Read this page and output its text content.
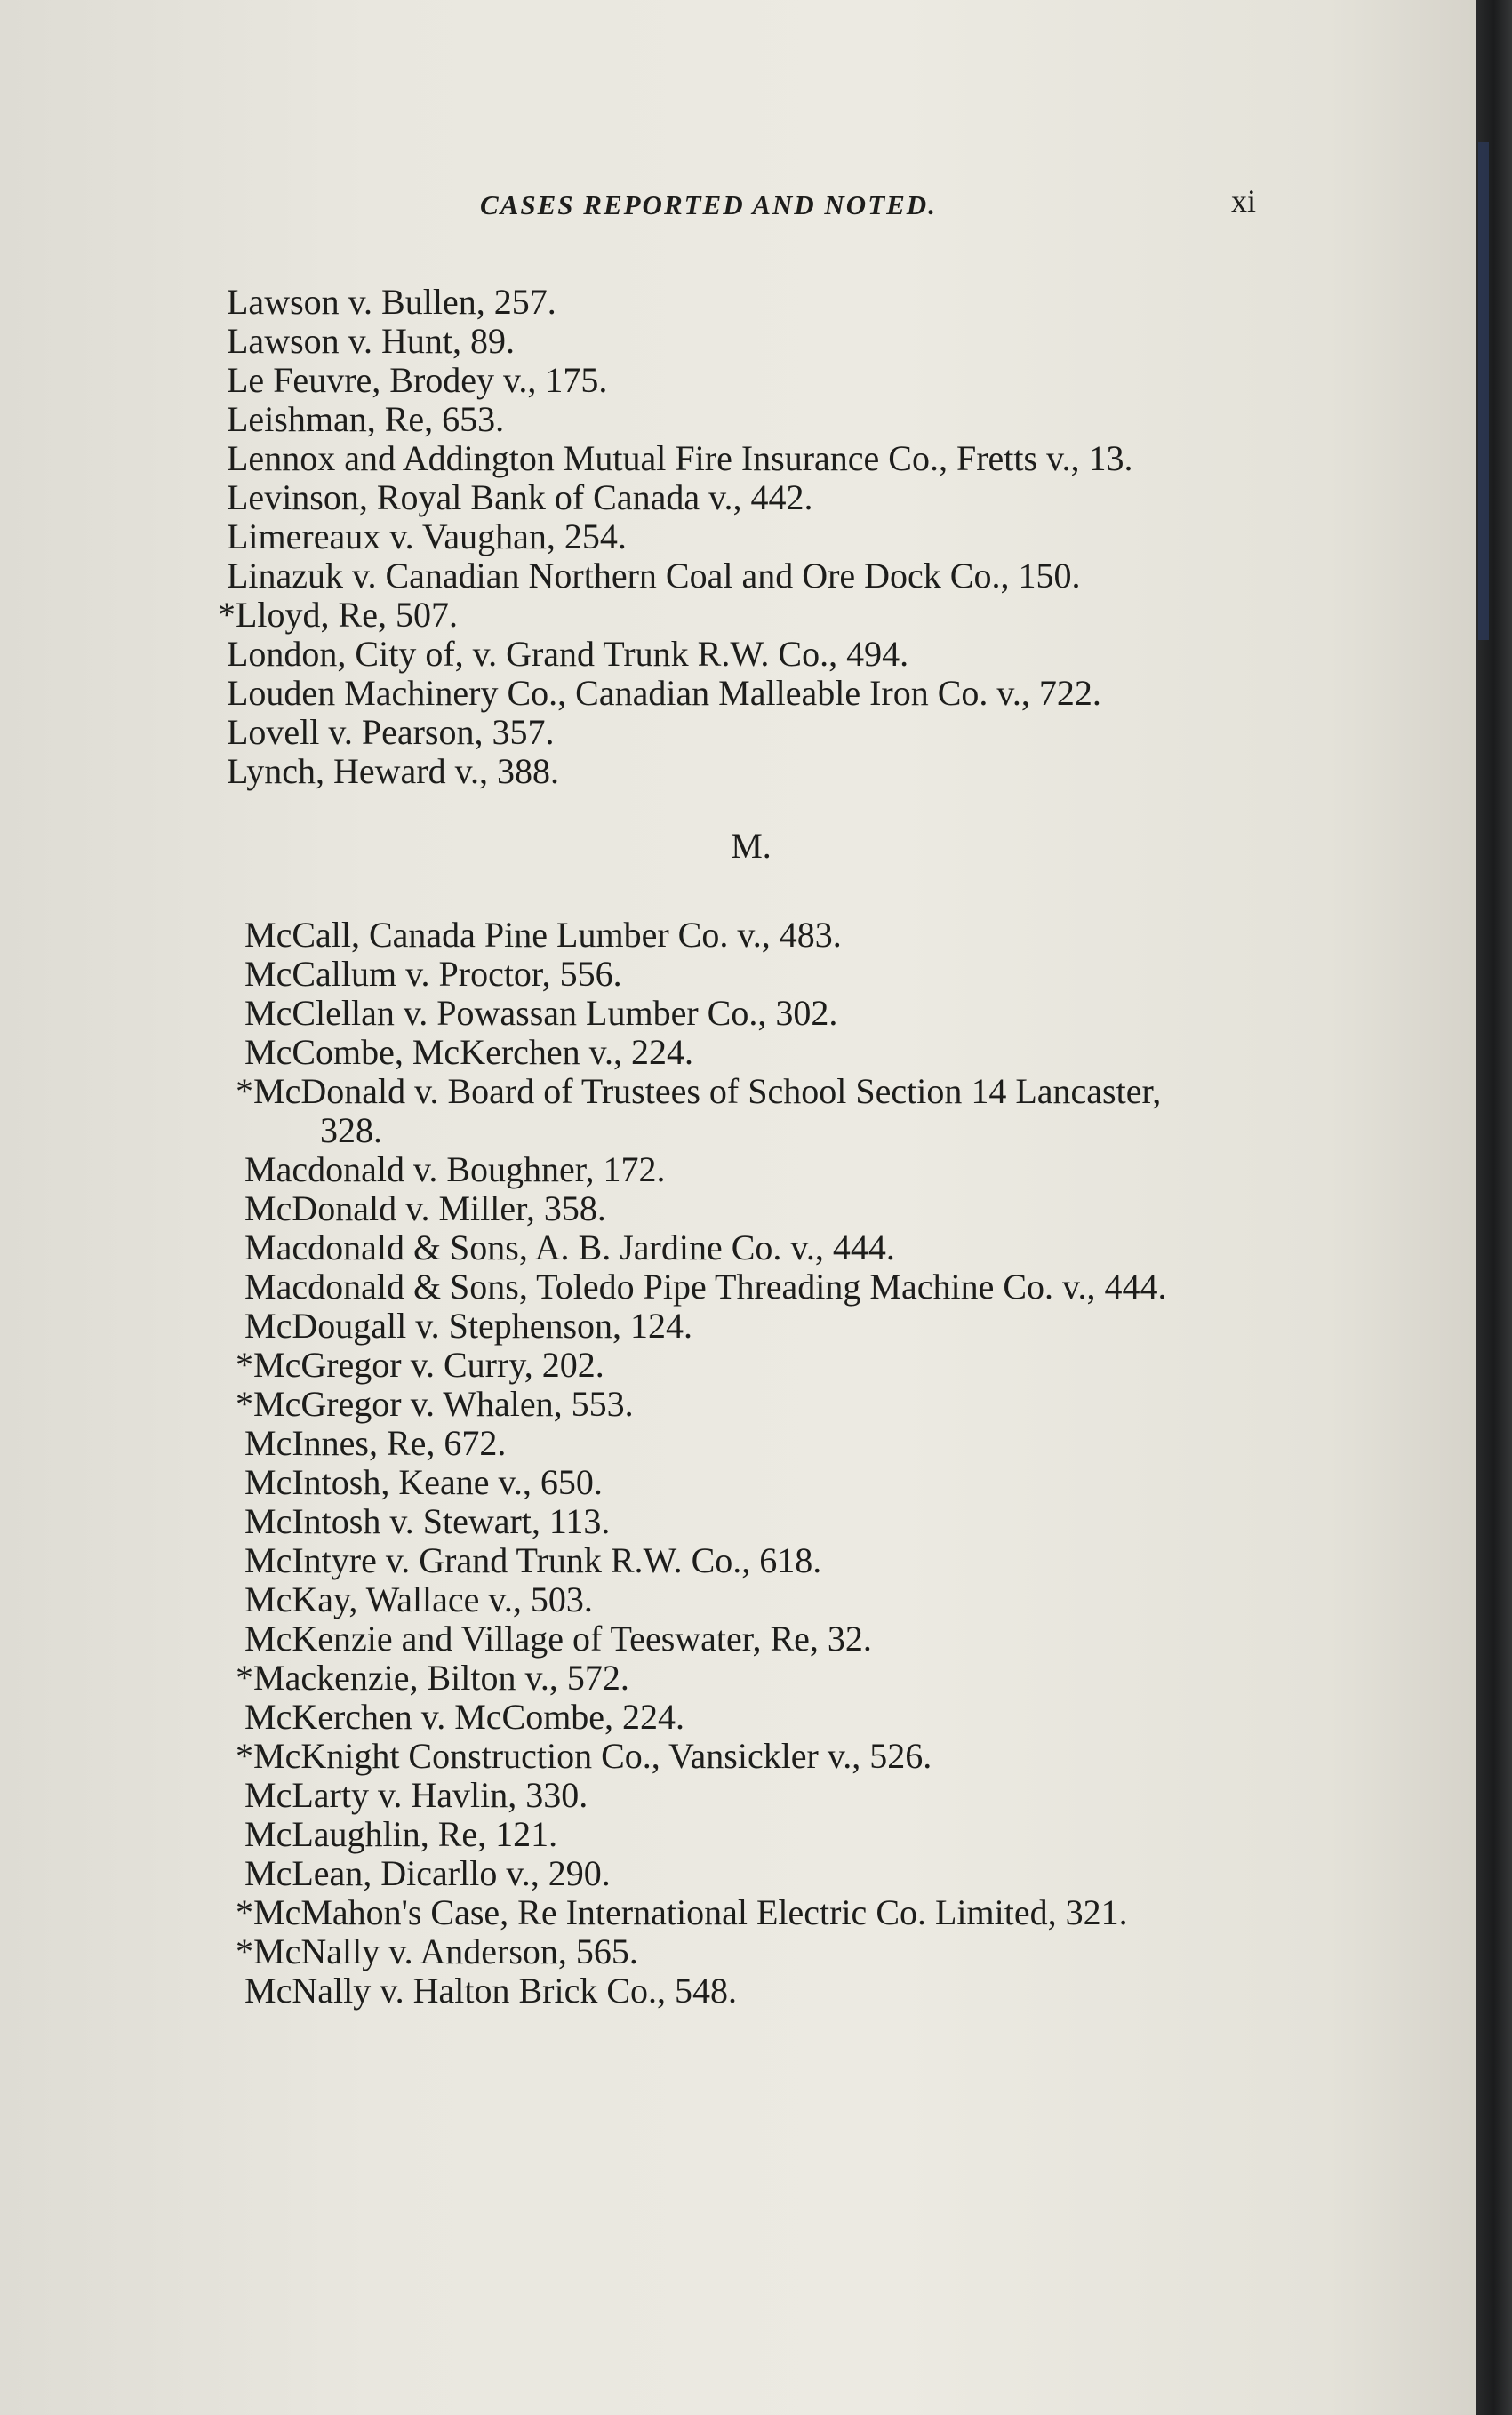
CASES REPORTED AND NOTED.	xi
Lawson v. Bullen, 257.
Lawson v. Hunt, 89.
Le Feuvre, Brodey v., 175.
Leishman, Re, 653.
Lennox and Addington Mutual Fire Insurance Co., Fretts v., 13.
Levinson, Royal Bank of Canada v., 442.
Limereaux v. Vaughan, 254.
Linazuk v. Canadian Northern Coal and Ore Dock Co., 150.
*Lloyd, Re, 507.
London, City of, v. Grand Trunk R.W. Co., 494.
Louden Machinery Co., Canadian Malleable Iron Co. v., 722.
Lovell v. Pearson, 357.
Lynch, Heward v., 388.
M.
McCall, Canada Pine Lumber Co. v., 483.
McCallum v. Proctor, 556.
McClellan v. Powassan Lumber Co., 302.
McCombe, McKerchen v., 224.
*McDonald v. Board of Trustees of School Section 14 Lancaster,
328.
Macdonald v. Boughner, 172.
McDonald v. Miller, 358.
Macdonald & Sons, A. B. Jardine Co. v., 444.
Macdonald & Sons, Toledo Pipe Threading Machine Co. v., 444.
McDougall v. Stephenson, 124.
*McGregor v. Curry, 202.
*McGregor v. Whalen, 553.
McInnes, Re, 672.
McIntosh, Keane v., 650.
McIntosh v. Stewart, 113.
McIntyre v. Grand Trunk R.W. Co., 618.
McKay, Wallace v., 503.
McKenzie and Village of Teeswater, Re, 32.
*Mackenzie, Bilton v., 572.
McKerchen v. McCombe, 224.
*McKnight Construction Co., Vansickler v., 526.
McLarty v. Havlin, 330.
McLaughlin, Re, 121.
McLean, Dicarllo v., 290.
*McMahon's Case, Re International Electric Co. Limited, 321.
*McNally v. Anderson, 565.
McNally v. Halton Brick Co., 548.
